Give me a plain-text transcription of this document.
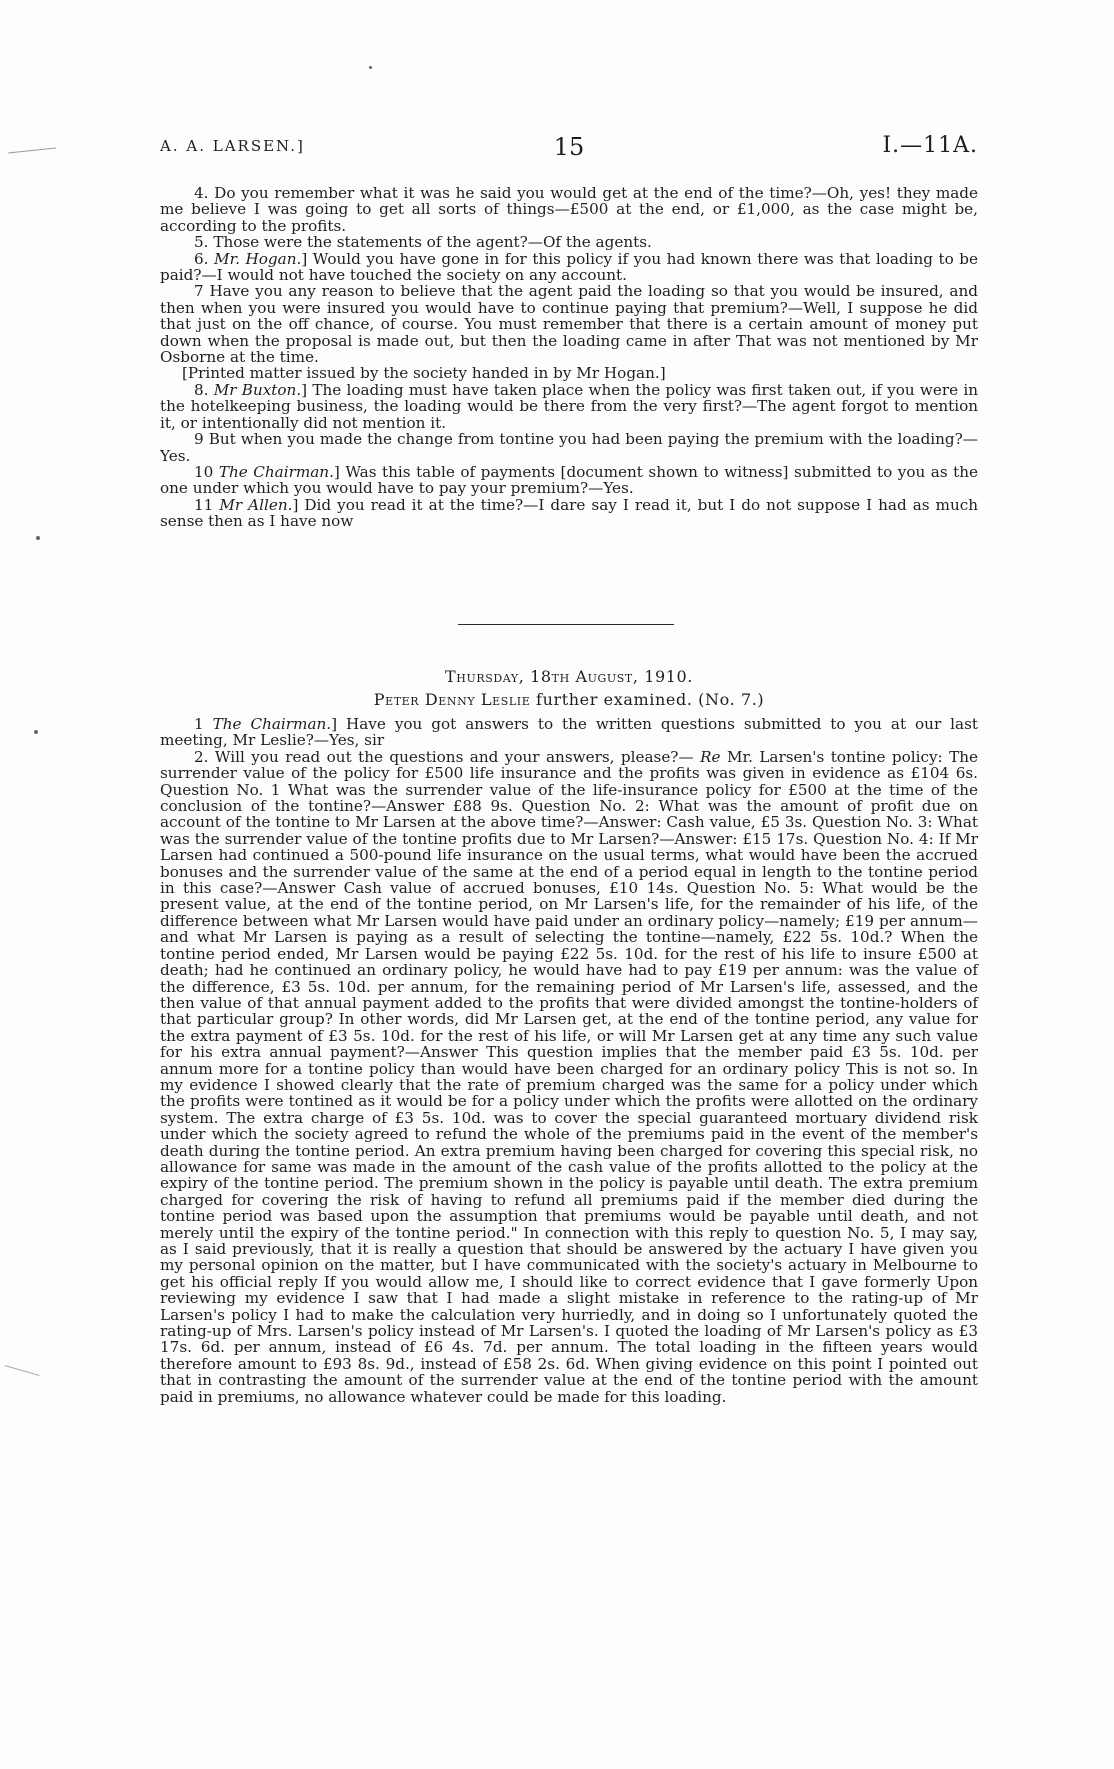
A. A. LARSEN.]	15	I.—11A.

4. Do you remember what it was he said you would get at the end of the time?—Oh, yes! they made me believe I was going to get all sorts of things—£500 at the end, or £1,000, as the case might be, according to the profits.

5. Those were the statements of the agent?—Of the agents.

6. Mr. Hogan.] Would you have gone in for this policy if you had known there was that loading to be paid?—I would not have touched the society on any account.

7 Have you any reason to believe that the agent paid the loading so that you would be insured, and then when you were insured you would have to continue paying that premium?—Well, I suppose he did that just on the off chance, of course. You must remember that there is a certain amount of money put down when the proposal is made out, but then the loading came in after That was not mentioned by Mr Osborne at the time.

[Printed matter issued by the society handed in by Mr Hogan.]

8. Mr Buxton.] The loading must have taken place when the policy was first taken out, if you were in the hotelkeeping business, the loading would be there from the very first?—The agent forgot to mention it, or intentionally did not mention it.

9 But when you made the change from tontine you had been paying the premium with the loading?—Yes.

10 The Chairman.] Was this table of payments [document shown to witness] submitted to you as the one under which you would have to pay your premium?—Yes.

11 Mr Allen.] Did you read it at the time?—I dare say I read it, but I do not suppose I had as much sense then as I have now

Thursday, 18th August, 1910.
Peter Denny Leslie further examined. (No. 7.)

1 The Chairman.] Have you got answers to the written questions submitted to you at our last meeting, Mr Leslie?—Yes, sir

2. Will you read out the questions and your answers, please?— Re Mr. Larsen's tontine policy: The surrender value of the policy for £500 life insurance and the profits was given in evidence as £104 6s. Question No. 1 What was the surrender value of the life-insurance policy for £500 at the time of the conclusion of the tontine?—Answer £88 9s. Question No. 2: What was the amount of profit due on account of the tontine to Mr Larsen at the above time?—Answer: Cash value, £5 3s. Question No. 3: What was the surrender value of the tontine profits due to Mr Larsen?—Answer: £15 17s. Question No. 4: If Mr Larsen had continued a 500-pound life insurance on the usual terms, what would have been the accrued bonuses and the surrender value of the same at the end of a period equal in length to the tontine period in this case?—Answer Cash value of accrued bonuses, £10 14s. Question No. 5: What would be the present value, at the end of the tontine period, on Mr Larsen's life, for the remainder of his life, of the difference between what Mr Larsen would have paid under an ordinary policy—namely; £19 per annum—and what Mr Larsen is paying as a result of selecting the tontine—namely, £22 5s. 10d.? When the tontine period ended, Mr Larsen would be paying £22 5s. 10d. for the rest of his life to insure £500 at death; had he continued an ordinary policy, he would have had to pay £19 per annum: was the value of the difference, £3 5s. 10d. per annum, for the remaining period of Mr Larsen's life, assessed, and the then value of that annual payment added to the profits that were divided amongst the tontine-holders of that particular group? In other words, did Mr Larsen get, at the end of the tontine period, any value for the extra payment of £3 5s. 10d. for the rest of his life, or will Mr Larsen get at any time any such value for his extra annual payment?—Answer This question implies that the member paid £3 5s. 10d. per annum more for a tontine policy than would have been charged for an ordinary policy This is not so. In my evidence I showed clearly that the rate of premium charged was the same for a policy under which the profits were tontined as it would be for a policy under which the profits were allotted on the ordinary system. The extra charge of £3 5s. 10d. was to cover the special guaranteed mortuary dividend risk under which the society agreed to refund the whole of the premiums paid in the event of the member's death during the tontine period. An extra premium having been charged for covering this special risk, no allowance for same was made in the amount of the cash value of the profits allotted to the policy at the expiry of the tontine period. The premium shown in the policy is payable until death. The extra premium charged for covering the risk of having to refund all premiums paid if the member died during the tontine period was based upon the assumption that premiums would be payable until death, and not merely until the expiry of the tontine period." In connection with this reply to question No. 5, I may say, as I said previously, that it is really a question that should be answered by the actuary I have given you my personal opinion on the matter, but I have communicated with the society's actuary in Melbourne to get his official reply If you would allow me, I should like to correct evidence that I gave formerly Upon reviewing my evidence I saw that I had made a slight mistake in reference to the rating-up of Mr Larsen's policy I had to make the calculation very hurriedly, and in doing so I unfortunately quoted the rating-up of Mrs. Larsen's policy instead of Mr Larsen's. I quoted the loading of Mr Larsen's policy as £3 17s. 6d. per annum, instead of £6 4s. 7d. per annum. The total loading in the fifteen years would therefore amount to £93 8s. 9d., instead of £58 2s. 6d. When giving evidence on this point I pointed out that in contrasting the amount of the surrender value at the end of the tontine period with the amount paid in premiums, no allowance whatever could be made for this loading.
